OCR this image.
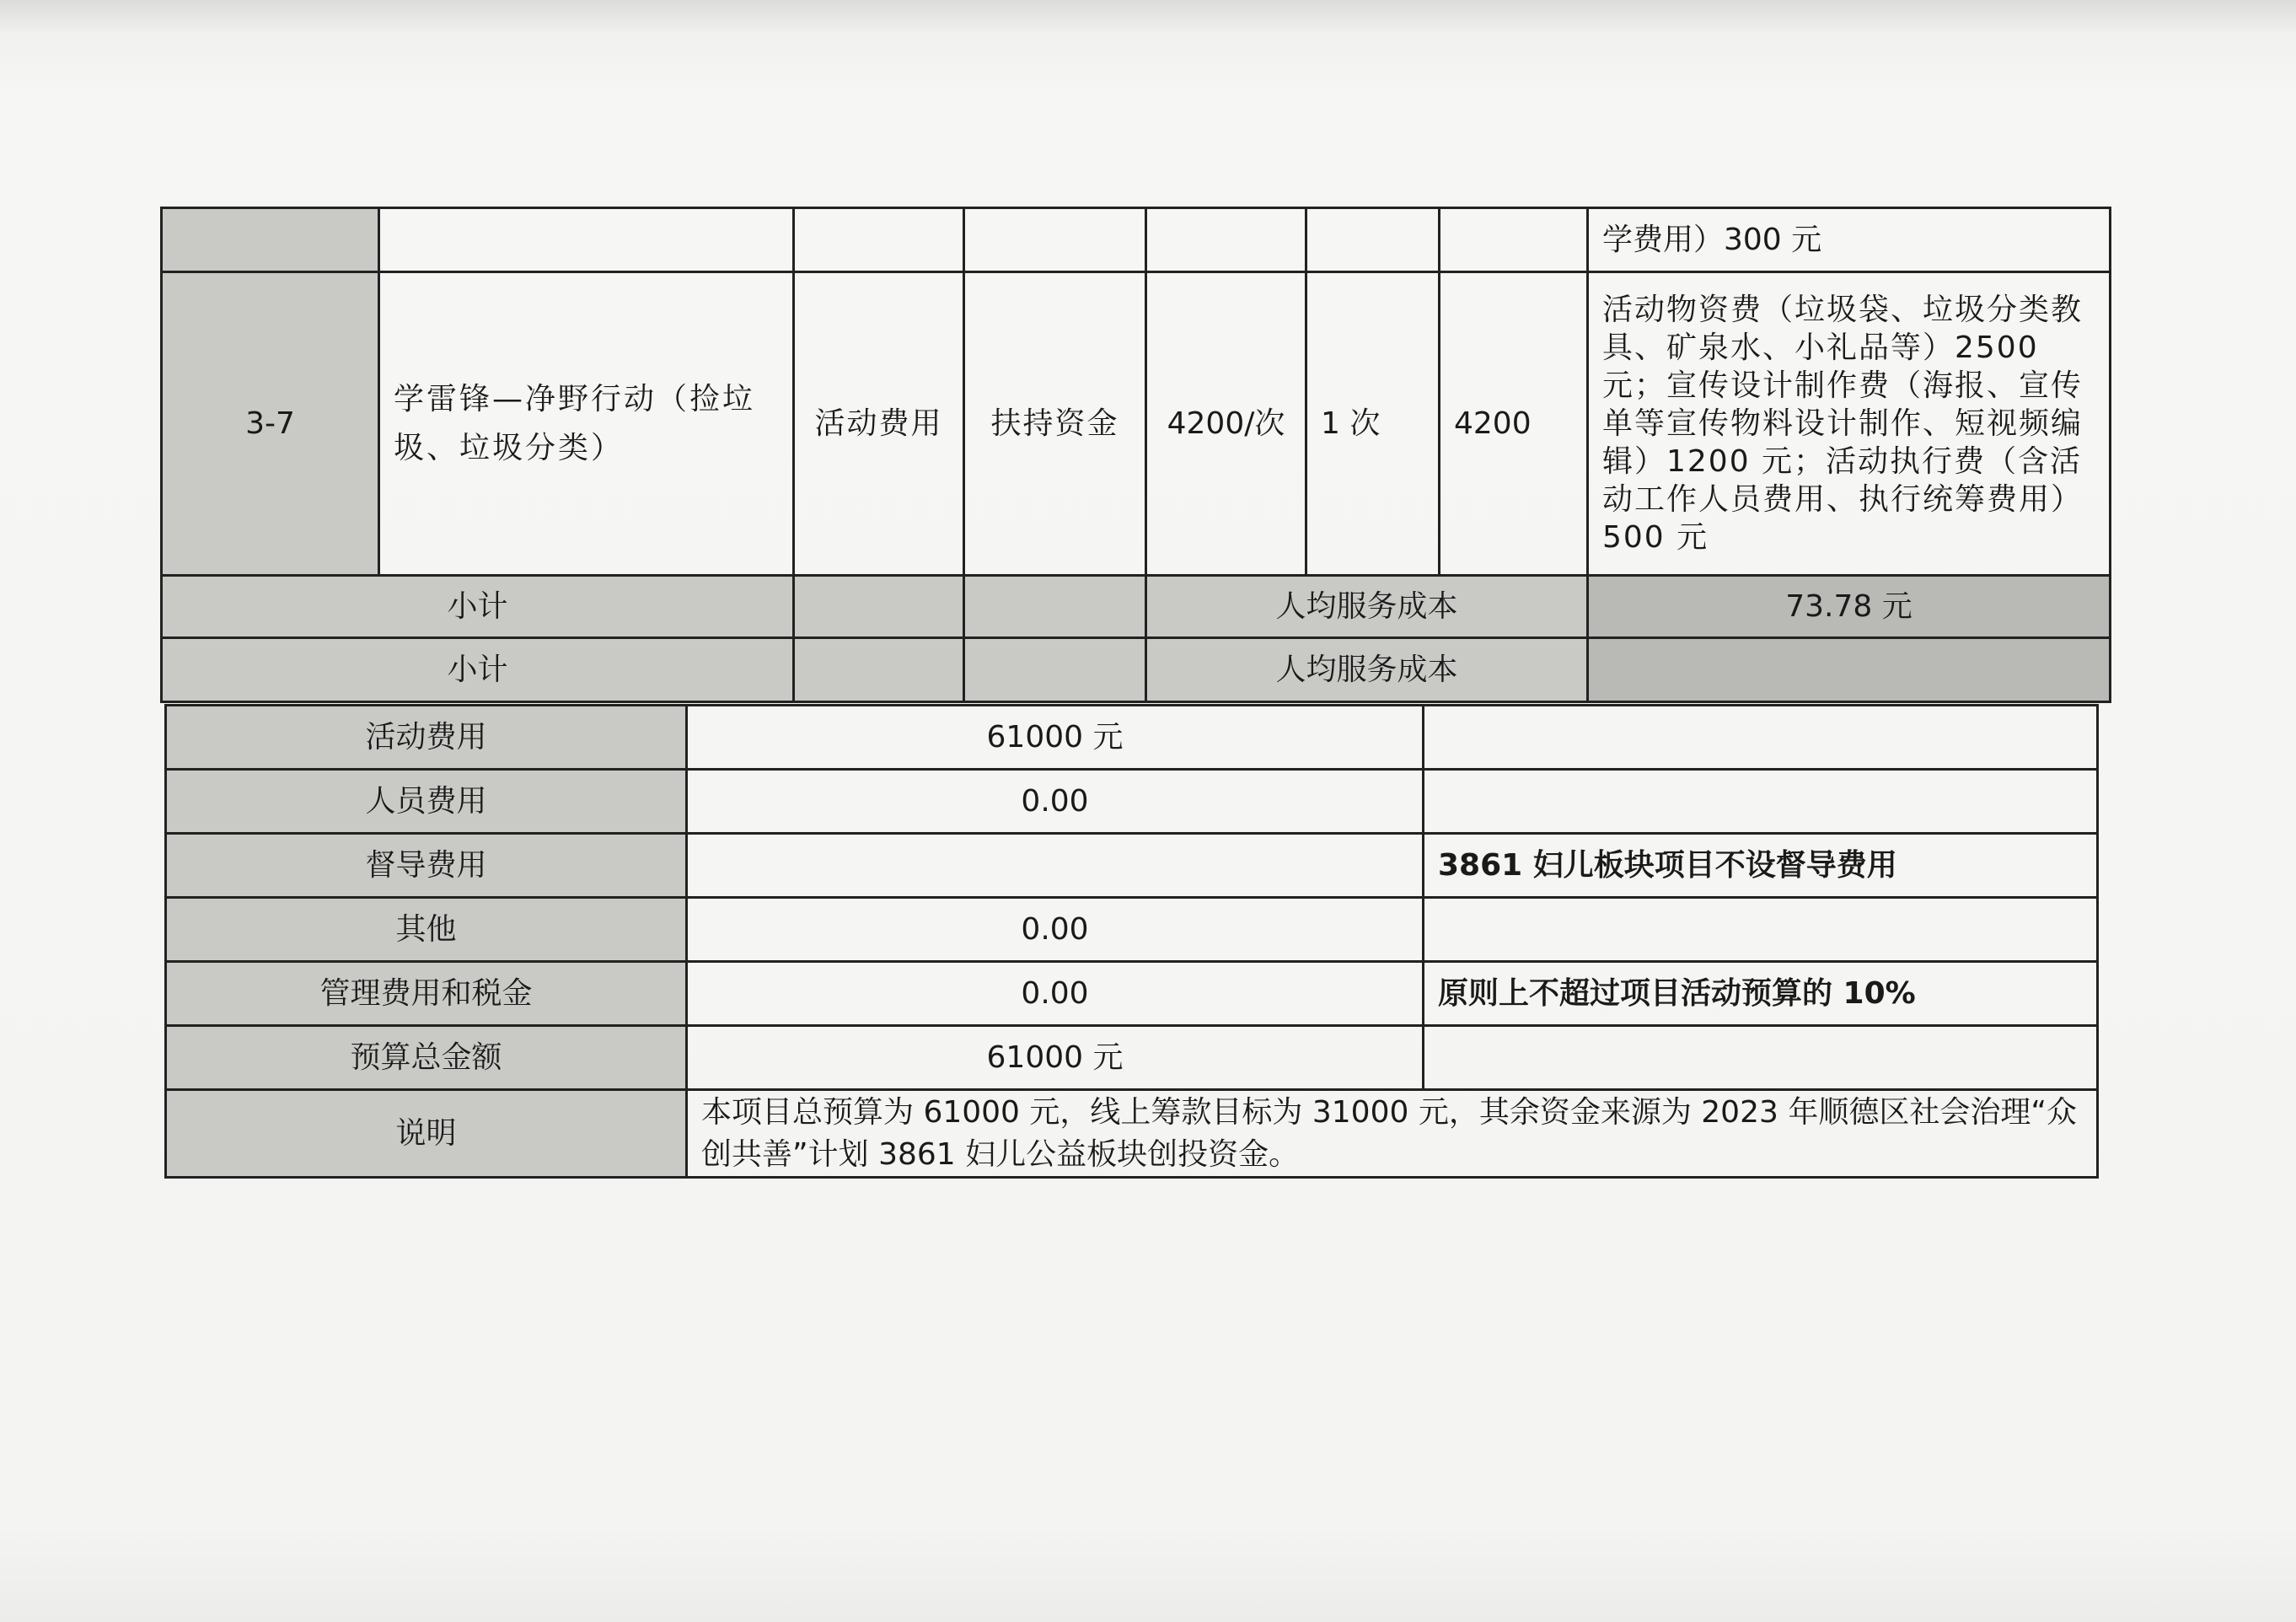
							学费用）300 元
3-7	学雷锋—净野行动（捡垃圾、垃圾分类）	活动费用	扶持资金	4200/次	1 次	4200	活动物资费（垃圾袋、垃圾分类教具、矿泉水、小礼品等）2500 元；宣传设计制作费（海报、宣传单等宣传物料设计制作、短视频编辑）1200 元；活动执行费（含活动工作人员费用、执行统筹费用）500 元
小计				人均服务成本			73.78 元
小计				人均服务成本			
活动费用	61000 元	
人员费用	0.00	
督导费用		3861 妇儿板块项目不设督导费用
其他	0.00	
管理费用和税金	0.00	原则上不超过项目活动预算的 10%
预算总金额	61000 元	
说明	本项目总预算为 61000 元，线上筹款目标为 31000 元，其余资金来源为 2023 年顺德区社会治理“众创共善”计划 3861 妇儿公益板块创投资金。	
